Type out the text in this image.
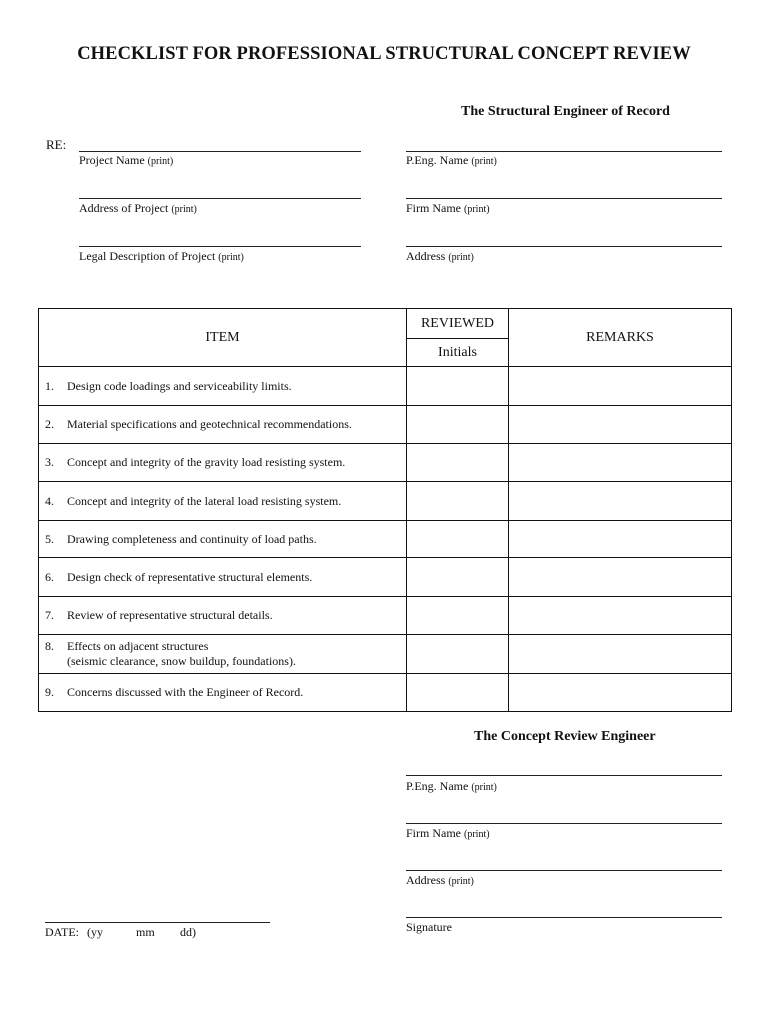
CHECKLIST FOR PROFESSIONAL STRUCTURAL CONCEPT REVIEW
The Structural Engineer of Record
RE:
Project Name (print)
Address of Project (print)
Legal Description of Project (print)
P.Eng. Name (print)
Firm Name (print)
Address (print)
ITEM	REVIEWED	REMARKS
	Initials	
1. Design code loadings and serviceability limits.		
2. Material specifications and geotechnical recommendations.		
3. Concept and integrity of the gravity load resisting system.		
4. Concept and integrity of the lateral load resisting system.		
5. Drawing completeness and continuity of load paths.		
6. Design check of representative structural elements.		
7. Review of representative structural details.		
8. Effects on adjacent structures
(seismic clearance, snow buildup, foundations).		

9. Concerns discussed with the Engineer of Record.		
The Concept Review Engineer
P.Eng. Name (print)
Firm Name (print)
Address (print)
Signature
DATE: (yy	mm dd)
